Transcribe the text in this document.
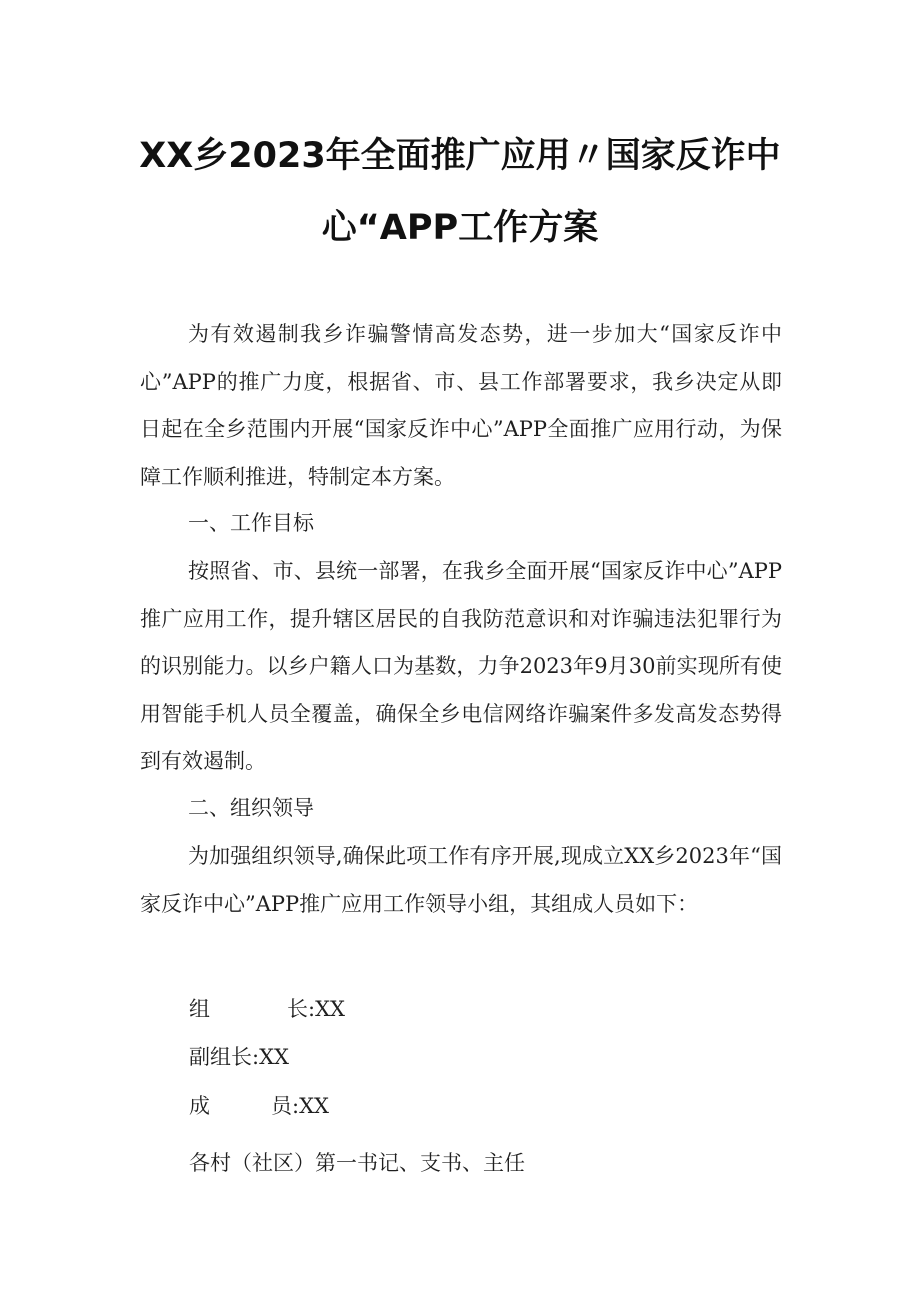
XX乡2023年全面推广应用〃国家反诈中
心“APP工作方案

为有效遏制我乡诈骗警情高发态势，进一步加大“国家反诈中心”APP的推广力度，根据省、市、县工作部署要求，我乡决定从即日起在全乡范围内开展“国家反诈中心”APP全面推广应用行动，为保障工作顺利推进，特制定本方案。

一、工作目标

按照省、市、县统一部署，在我乡全面开展“国家反诈中心”APP推广应用工作，提升辖区居民的自我防范意识和对诈骗违法犯罪行为的识别能力。以乡户籍人口为基数，力争2023年9月30前实现所有使用智能手机人员全覆盖，确保全乡电信网络诈骗案件多发高发态势得到有效遏制。

二、组织领导

为加强组织领导,确保此项工作有序开展,现成立XX乡2023年“国家反诈中心”APP推广应用工作领导小组，其组成人员如下：

组	长:XX

副组长:XX

成	员:XX

各村（社区）第一书记、支书、主任
